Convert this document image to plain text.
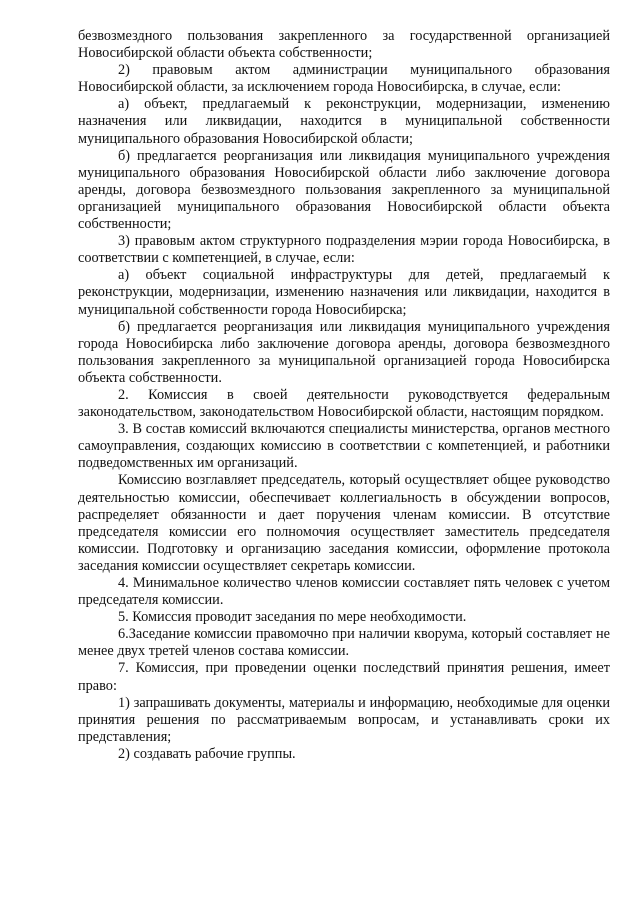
безвозмездного пользования закрепленного за государственной организацией Новосибирской области объекта собственности;

2) правовым актом администрации муниципального образования Новосибирской области, за исключением города Новосибирска, в случае, если:

а) объект, предлагаемый к реконструкции, модернизации, изменению назначения или ликвидации, находится в муниципальной собственности муниципального образования Новосибирской области;

б) предлагается реорганизация или ликвидация муниципального учреждения муниципального образования Новосибирской области либо заключение договора аренды, договора безвозмездного пользования закрепленного за муниципальной организацией муниципального образования Новосибирской области объекта собственности;

3) правовым актом структурного подразделения мэрии города Новосибирска, в соответствии с компетенцией, в случае, если:

а) объект социальной инфраструктуры для детей, предлагаемый к реконструкции, модернизации, изменению назначения или ликвидации, находится в муниципальной собственности города Новосибирска;

б) предлагается реорганизация или ликвидация муниципального учреждения города Новосибирска либо заключение договора аренды, договора безвозмездного пользования закрепленного за муниципальной организацией города Новосибирска объекта собственности.

2. Комиссия в своей деятельности руководствуется федеральным законодательством, законодательством Новосибирской области, настоящим порядком.

3. В состав комиссий включаются специалисты министерства, органов местного самоуправления, создающих комиссию в соответствии с компетенцией, и работники подведомственных им организаций.

Комиссию возглавляет председатель, который осуществляет общее руководство деятельностью комиссии, обеспечивает коллегиальность в обсуждении вопросов, распределяет обязанности и дает поручения членам комиссии. В отсутствие председателя комиссии его полномочия осуществляет заместитель председателя комиссии. Подготовку и организацию заседания комиссии, оформление протокола заседания комиссии осуществляет секретарь комиссии.

4. Минимальное количество членов комиссии составляет пять человек с учетом председателя комиссии.

5. Комиссия проводит заседания по мере необходимости.

6.Заседание комиссии правомочно при наличии кворума, который составляет не менее двух третей членов состава комиссии.

7. Комиссия, при проведении оценки последствий принятия решения, имеет право:

1) запрашивать документы, материалы и информацию, необходимые для оценки принятия решения по рассматриваемым вопросам, и устанавливать сроки их представления;

2) создавать рабочие группы.
